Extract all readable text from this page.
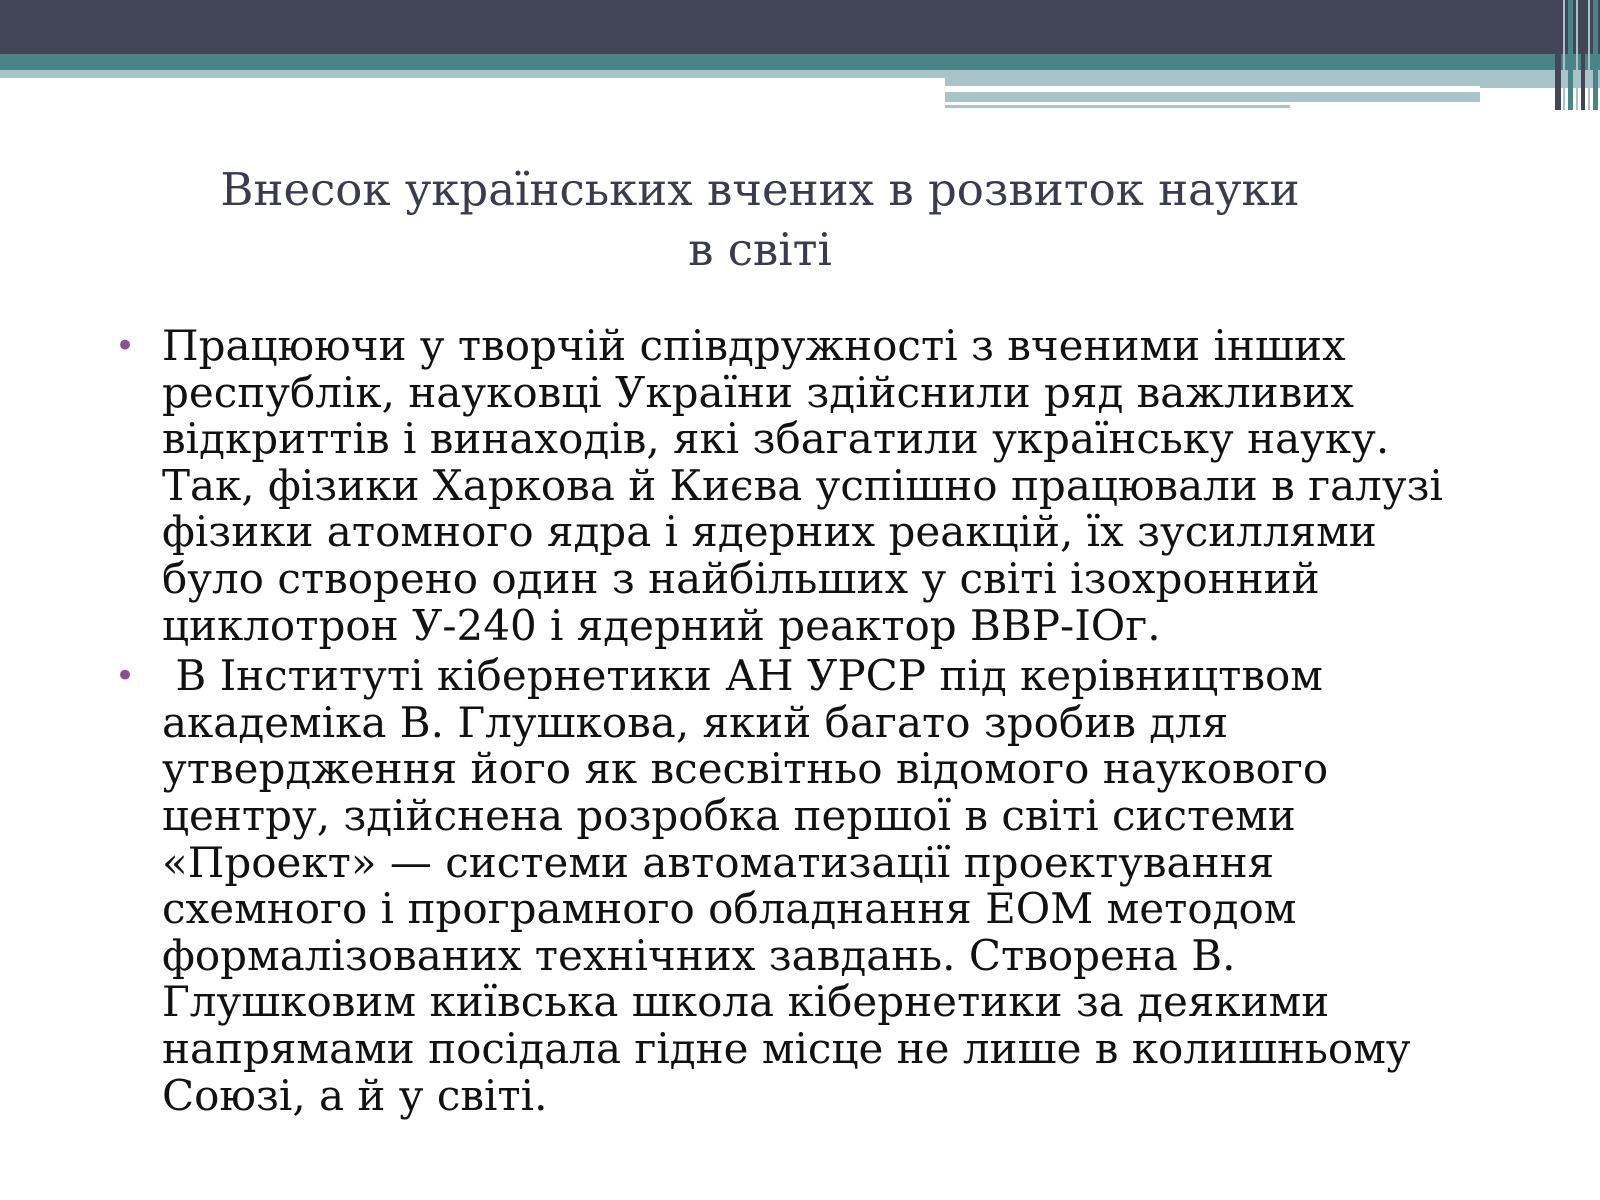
Внесок українських вчених в розвиток науки
в світі
• Працюючи у творчій співдружності з вченими інших
республік, науковці України здійснили ряд важливих
відкриттів і винаходів, які збагатили українську науку.
Так, фізики Харкова й Києва успішно працювали в галузі
фізики атомного ядра і ядерних реакцій, їх зусиллями
було створено один з найбільших у світі ізохронний
циклотрон У-240 і ядерний реактор ВВР-IOг.
• В Інституті кібернетики АН УРСР під керівництвом
академіка В. Глушкова, який багато зробив для
утвердження його як всесвітньо відомого наукового
центру, здійснена розробка першої в світі системи
«Проект» — системи автоматизації проектування
схемного і програмного обладнання ЕОМ методом
формалізованих технічних завдань. Створена В.
Глушковим київська школа кібернетики за деякими
напрямами посідала гідне місце не лише в колишньому
Союзі, а й у світі.
